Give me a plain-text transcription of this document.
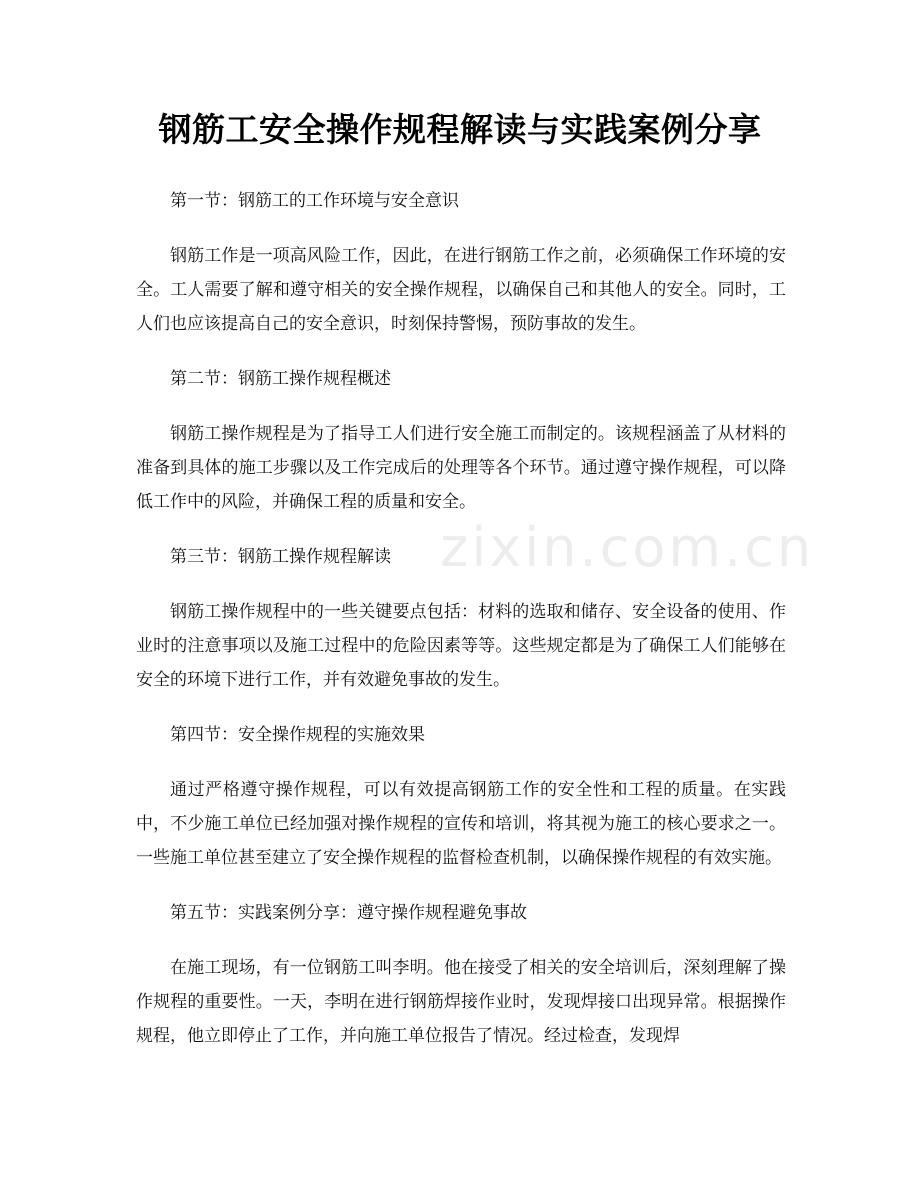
钢筋工安全操作规程解读与实践案例分享
zixin.com.cn

第一节：钢筋工的工作环境与安全意识

钢筋工作是一项高风险工作，因此，在进行钢筋工作之前，必须确保工作环境的安全。工人需要了解和遵守相关的安全操作规程，以确保自己和其他人的安全。同时，工人们也应该提高自己的安全意识，时刻保持警惕，预防事故的发生。

第二节：钢筋工操作规程概述

钢筋工操作规程是为了指导工人们进行安全施工而制定的。该规程涵盖了从材料的准备到具体的施工步骤以及工作完成后的处理等各个环节。通过遵守操作规程，可以降低工作中的风险，并确保工程的质量和安全。

第三节：钢筋工操作规程解读

钢筋工操作规程中的一些关键要点包括：材料的选取和储存、安全设备的使用、作业时的注意事项以及施工过程中的危险因素等等。这些规定都是为了确保工人们能够在安全的环境下进行工作，并有效避免事故的发生。

第四节：安全操作规程的实施效果

通过严格遵守操作规程，可以有效提高钢筋工作的安全性和工程的质量。在实践中，不少施工单位已经加强对操作规程的宣传和培训，将其视为施工的核心要求之一。一些施工单位甚至建立了安全操作规程的监督检查机制，以确保操作规程的有效实施。

第五节：实践案例分享：遵守操作规程避免事故

在施工现场，有一位钢筋工叫李明。他在接受了相关的安全培训后，深刻理解了操作规程的重要性。一天，李明在进行钢筋焊接作业时，发现焊接口出现异常。根据操作规程，他立即停止了工作，并向施工单位报告了情况。经过检查，发现焊
